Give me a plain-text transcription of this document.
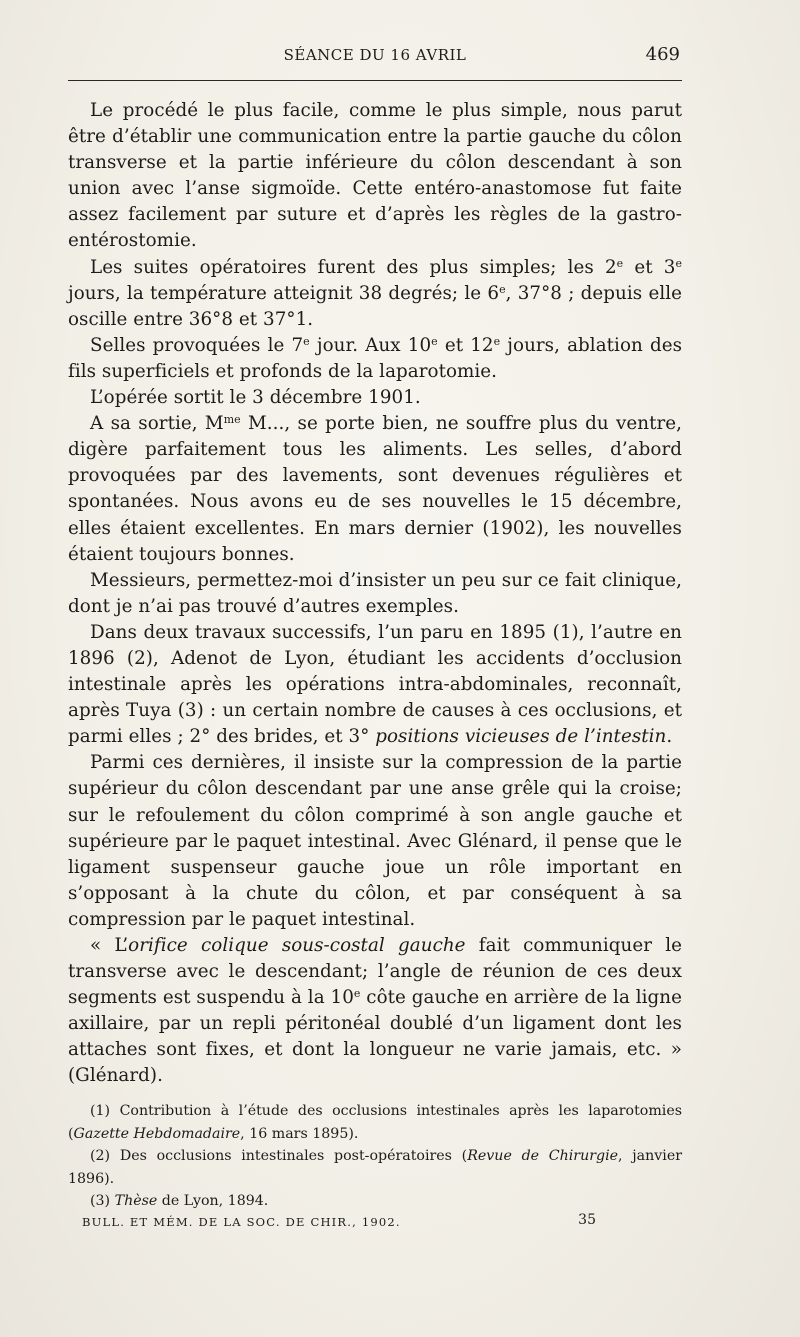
SÉANCE DU 16 AVRIL	469

Le procédé le plus facile, comme le plus simple, nous parut être d’établir une communication entre la partie gauche du côlon transverse et la partie inférieure du côlon descendant à son union avec l’anse sigmoïde. Cette entéro-anastomose fut faite assez facilement par suture et d’après les règles de la gastro-entérostomie.

Les suites opératoires furent des plus simples; les 2e et 3e jours, la température atteignit 38 degrés; le 6e, 37°8 ; depuis elle oscille entre 36°8 et 37°1.

Selles provoquées le 7e jour. Aux 10e et 12e jours, ablation des fils superficiels et profonds de la laparotomie.

L’opérée sortit le 3 décembre 1901.

A sa sortie, $M^{me}$ M..., se porte bien, ne souffre plus du ventre, digère parfaitement tous les aliments. Les selles, d’abord provoquées par des lavements, sont devenues régulières et spontanées. Nous avons eu de ses nouvelles le 15 décembre, elles étaient excellentes. En mars dernier (1902), les nouvelles étaient toujours bonnes.

Messieurs, permettez-moi d’insister un peu sur ce fait clinique, dont je n’ai pas trouvé d’autres exemples.

Dans deux travaux successifs, l’un paru en 1895 (1), l’autre en 1896 (2), Adenot de Lyon, étudiant les accidents d’occlusion intestinale après les opérations intra-abdominales, reconnaît, après Tuya (3) : un certain nombre de causes à ces occlusions, et parmi elles ; 2° des brides, et 3° positions vicieuses de l’intestin.

Parmi ces dernières, il insiste sur la compression de la partie supérieur du côlon descendant par une anse grêle qui la croise; sur le refoulement du côlon comprimé à son angle gauche et supérieure par le paquet intestinal. Avec Glénard, il pense que le ligament suspenseur gauche joue un rôle important en s’opposant à la chute du côlon, et par conséquent à sa compression par le paquet intestinal.

« L’orifice colique sous-costal gauche fait communiquer le transverse avec le descendant; l’angle de réunion de ces deux segments est suspendu à la 10e côte gauche en arrière de la ligne axillaire, par un repli péritonéal doublé d’un ligament dont les attaches sont fixes, et dont la longueur ne varie jamais, etc. » (Glénard).

(1) Contribution à l’étude des occlusions intestinales après les laparotomies (Gazette Hebdomadaire, 16 mars 1895).

(2) Des occlusions intestinales post-opératoires (Revue de Chirurgie, janvier 1896).

(3) Thèse de Lyon, 1894.

BULL. ET MÉM. DE LA SOC. DE CHIR., 1902.	35
